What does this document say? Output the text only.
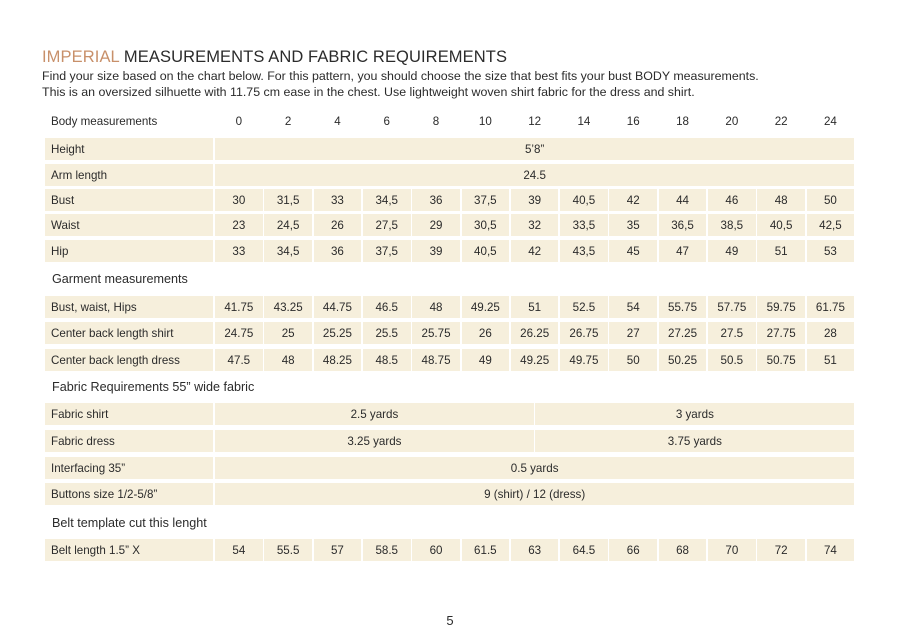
IMPERIAL MEASUREMENTS AND FABRIC REQUIREMENTS
Find your size based on the chart below. For this pattern, you should choose the size that best fits your bust BODY measurements.
This is an oversized silhuette with 11.75 cm ease in the chest. Use lightweight woven shirt fabric for the dress and shirt.
Body measurements	0	2	4	6	8	10	12	14	16	18	20	22	24
Height	5’8”
Arm length	24.5
Bust	30	31,5	33	34,5	36	37,5	39	40,5	42	44	46	48	50
Waist	23	24,5	26	27,5	29	30,5	32	33,5	35	36,5	38,5	40,5	42,5
Hip	33	34,5	36	37,5	39	40,5	42	43,5	45	47	49	51	53
Garment measurements
Bust, waist, Hips	41.75	43.25	44.75	46.5	48	49.25	51	52.5	54	55.75	57.75	59.75	61.75
Center back length shirt	24.75	25	25.25	25.5	25.75	26	26.25	26.75	27	27.25	27.5	27.75	28
Center back length dress	47.5	48	48.25	48.5	48.75	49	49.25	49.75	50	50.25	50.5	50.75	51
Fabric Requirements 55” wide fabric
Fabric shirt	2.5 yards	3 yards
Fabric dress	3.25 yards	3.75 yards
Interfacing 35”	0.5 yards
Buttons size 1/2-5/8”	9 (shirt) / 12 (dress)
Belt template cut this lenght
Belt length 1.5” X	54	55.5	57	58.5	60	61.5	63	64.5	66	68	70	72	74
5
